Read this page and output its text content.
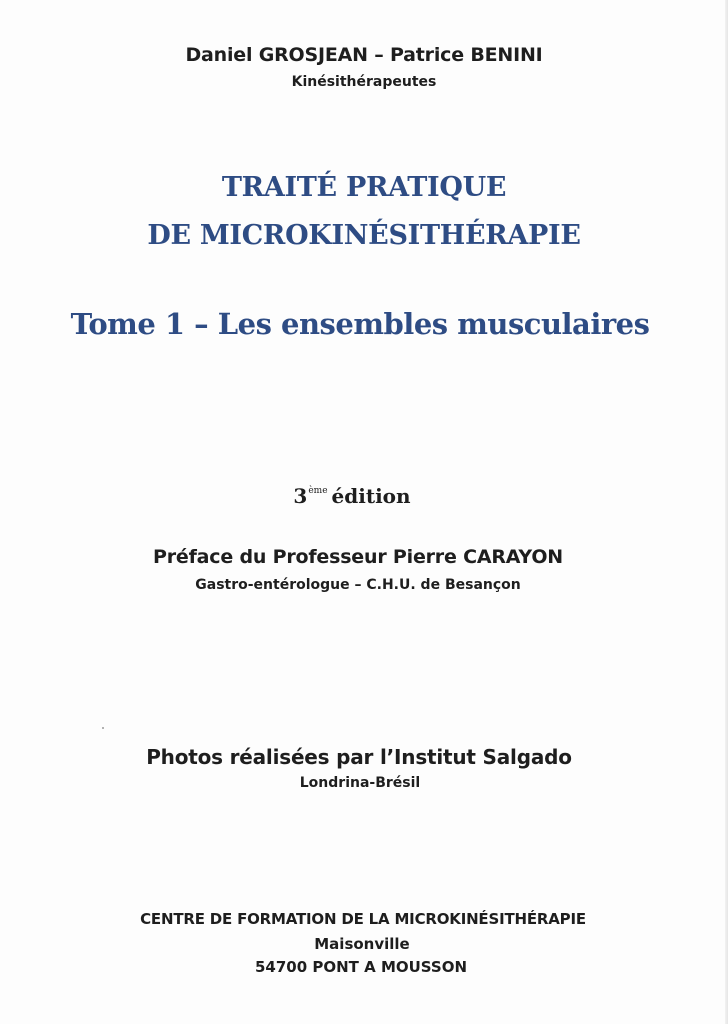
Daniel GROSJEAN – Patrice BENINI
Kinésithérapeutes
TRAITÉ PRATIQUE
DE MICROKINÉSITHÉRAPIE
Tome 1 – Les ensembles musculaires
3ème édition
Préface du Professeur Pierre CARAYON
Gastro-entérologue – C.H.U. de Besançon
Photos réalisées par l’Institut Salgado
Londrina-Brésil
CENTRE DE FORMATION DE LA MICROKINÉSITHÉRAPIE
Maisonville
54700 PONT A MOUSSON
